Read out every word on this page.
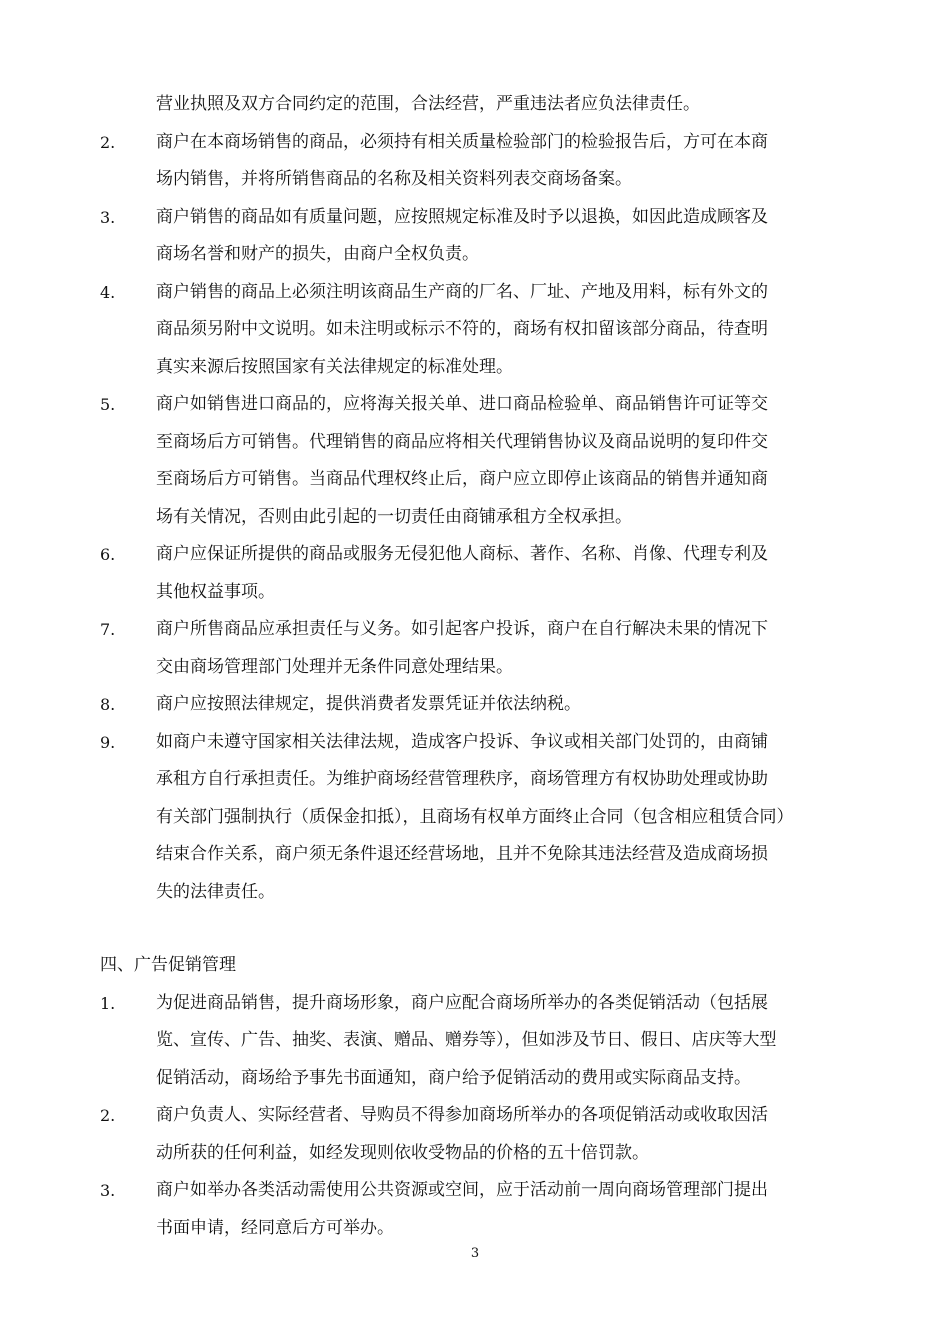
营业执照及双方合同约定的范围，合法经营，严重违法者应负法律责任。
2.	商户在本商场销售的商品，必须持有相关质量检验部门的检验报告后，方可在本商
场内销售，并将所销售商品的名称及相关资料列表交商场备案。
3.	商户销售的商品如有质量问题，应按照规定标准及时予以退换，如因此造成顾客及
商场名誉和财产的损失，由商户全权负责。
4.	商户销售的商品上必须注明该商品生产商的厂名、厂址、产地及用料，标有外文的
商品须另附中文说明。如未注明或标示不符的，商场有权扣留该部分商品，待查明
真实来源后按照国家有关法律规定的标准处理。
5.	商户如销售进口商品的，应将海关报关单、进口商品检验单、商品销售许可证等交
至商场后方可销售。代理销售的商品应将相关代理销售协议及商品说明的复印件交
至商场后方可销售。当商品代理权终止后，商户应立即停止该商品的销售并通知商
场有关情况，否则由此引起的一切责任由商铺承租方全权承担。
6.	商户应保证所提供的商品或服务无侵犯他人商标、著作、名称、肖像、代理专利及
其他权益事项。
7.	商户所售商品应承担责任与义务。如引起客户投诉，商户在自行解决未果的情况下
交由商场管理部门处理并无条件同意处理结果。
8.	商户应按照法律规定，提供消费者发票凭证并依法纳税。
9.	如商户未遵守国家相关法律法规，造成客户投诉、争议或相关部门处罚的，由商铺
承租方自行承担责任。为维护商场经营管理秩序，商场管理方有权协助处理或协助
有关部门强制执行（质保金扣抵），且商场有权单方面终止合同（包含相应租赁合同）
结束合作关系，商户须无条件退还经营场地，且并不免除其违法经营及造成商场损
失的法律责任。
四、广告促销管理
1.	为促进商品销售，提升商场形象，商户应配合商场所举办的各类促销活动（包括展
览、宣传、广告、抽奖、表演、赠品、赠券等），但如涉及节日、假日、店庆等大型
促销活动，商场给予事先书面通知，商户给予促销活动的费用或实际商品支持。
2.	商户负责人、实际经营者、导购员不得参加商场所举办的各项促销活动或收取因活
动所获的任何利益，如经发现则依收受物品的价格的五十倍罚款。
3.	商户如举办各类活动需使用公共资源或空间，应于活动前一周向商场管理部门提出
书面申请，经同意后方可举办。
3
